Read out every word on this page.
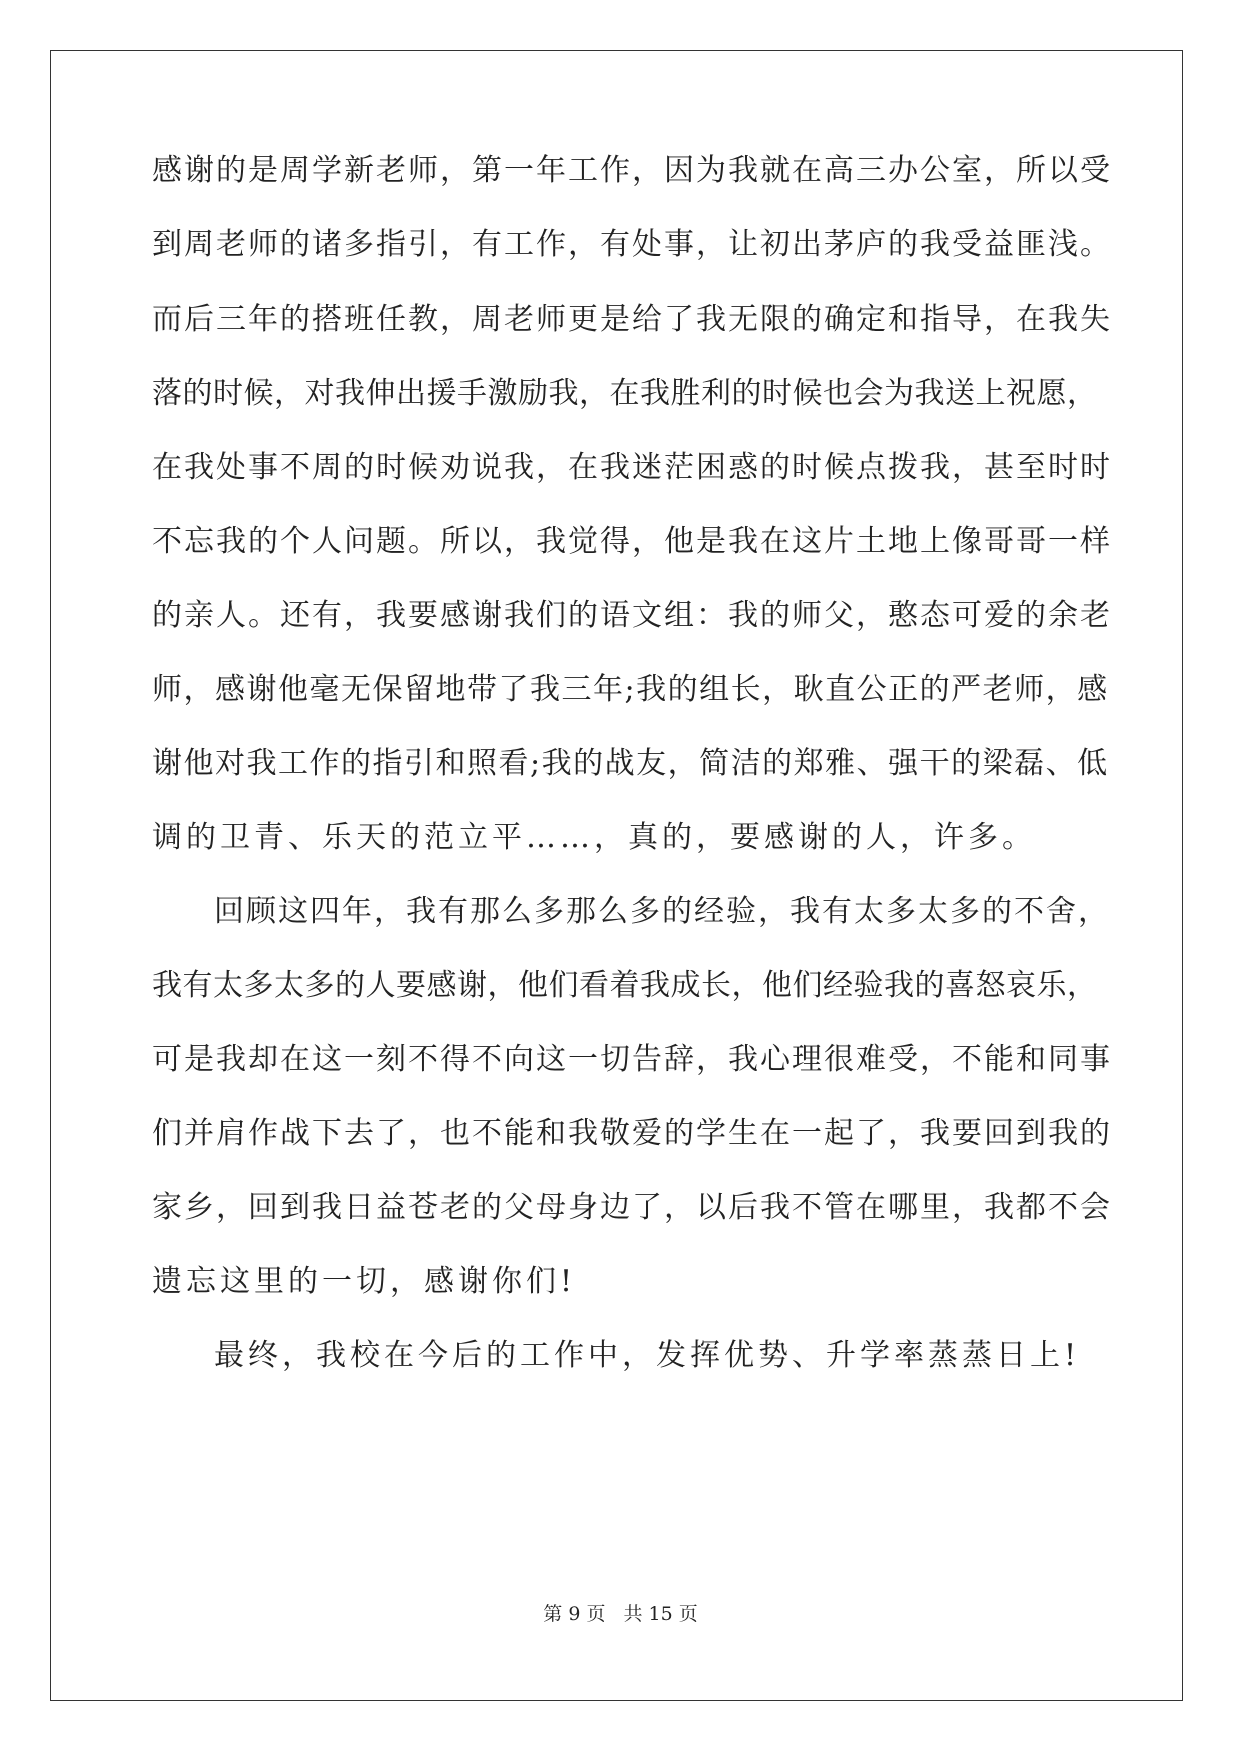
感谢的是周学新老师，第一年工作，因为我就在高三办公室，所以受
到周老师的诸多指引，有工作，有处事，让初出茅庐的我受益匪浅。
而后三年的搭班任教，周老师更是给了我无限的确定和指导，在我失
落的时候，对我伸出援手激励我，在我胜利的时候也会为我送上祝愿，
在我处事不周的时候劝说我，在我迷茫困惑的时候点拨我，甚至时时
不忘我的个人问题。所以，我觉得，他是我在这片土地上像哥哥一样
的亲人。还有，我要感谢我们的语文组：我的师父，憨态可爱的余老
师，感谢他毫无保留地带了我三年;我的组长，耿直公正的严老师，感
谢他对我工作的指引和照看;我的战友，简洁的郑雅、强干的梁磊、低
调的卫青、乐天的范立平……，真的，要感谢的人，许多。
回顾这四年，我有那么多那么多的经验，我有太多太多的不舍，
我有太多太多的人要感谢，他们看着我成长，他们经验我的喜怒哀乐，
可是我却在这一刻不得不向这一切告辞，我心理很难受，不能和同事
们并肩作战下去了，也不能和我敬爱的学生在一起了，我要回到我的
家乡，回到我日益苍老的父母身边了，以后我不管在哪里，我都不会
遗忘这里的一切，感谢你们!
最终，我校在今后的工作中，发挥优势、升学率蒸蒸日上!
第 9 页 共 15 页
